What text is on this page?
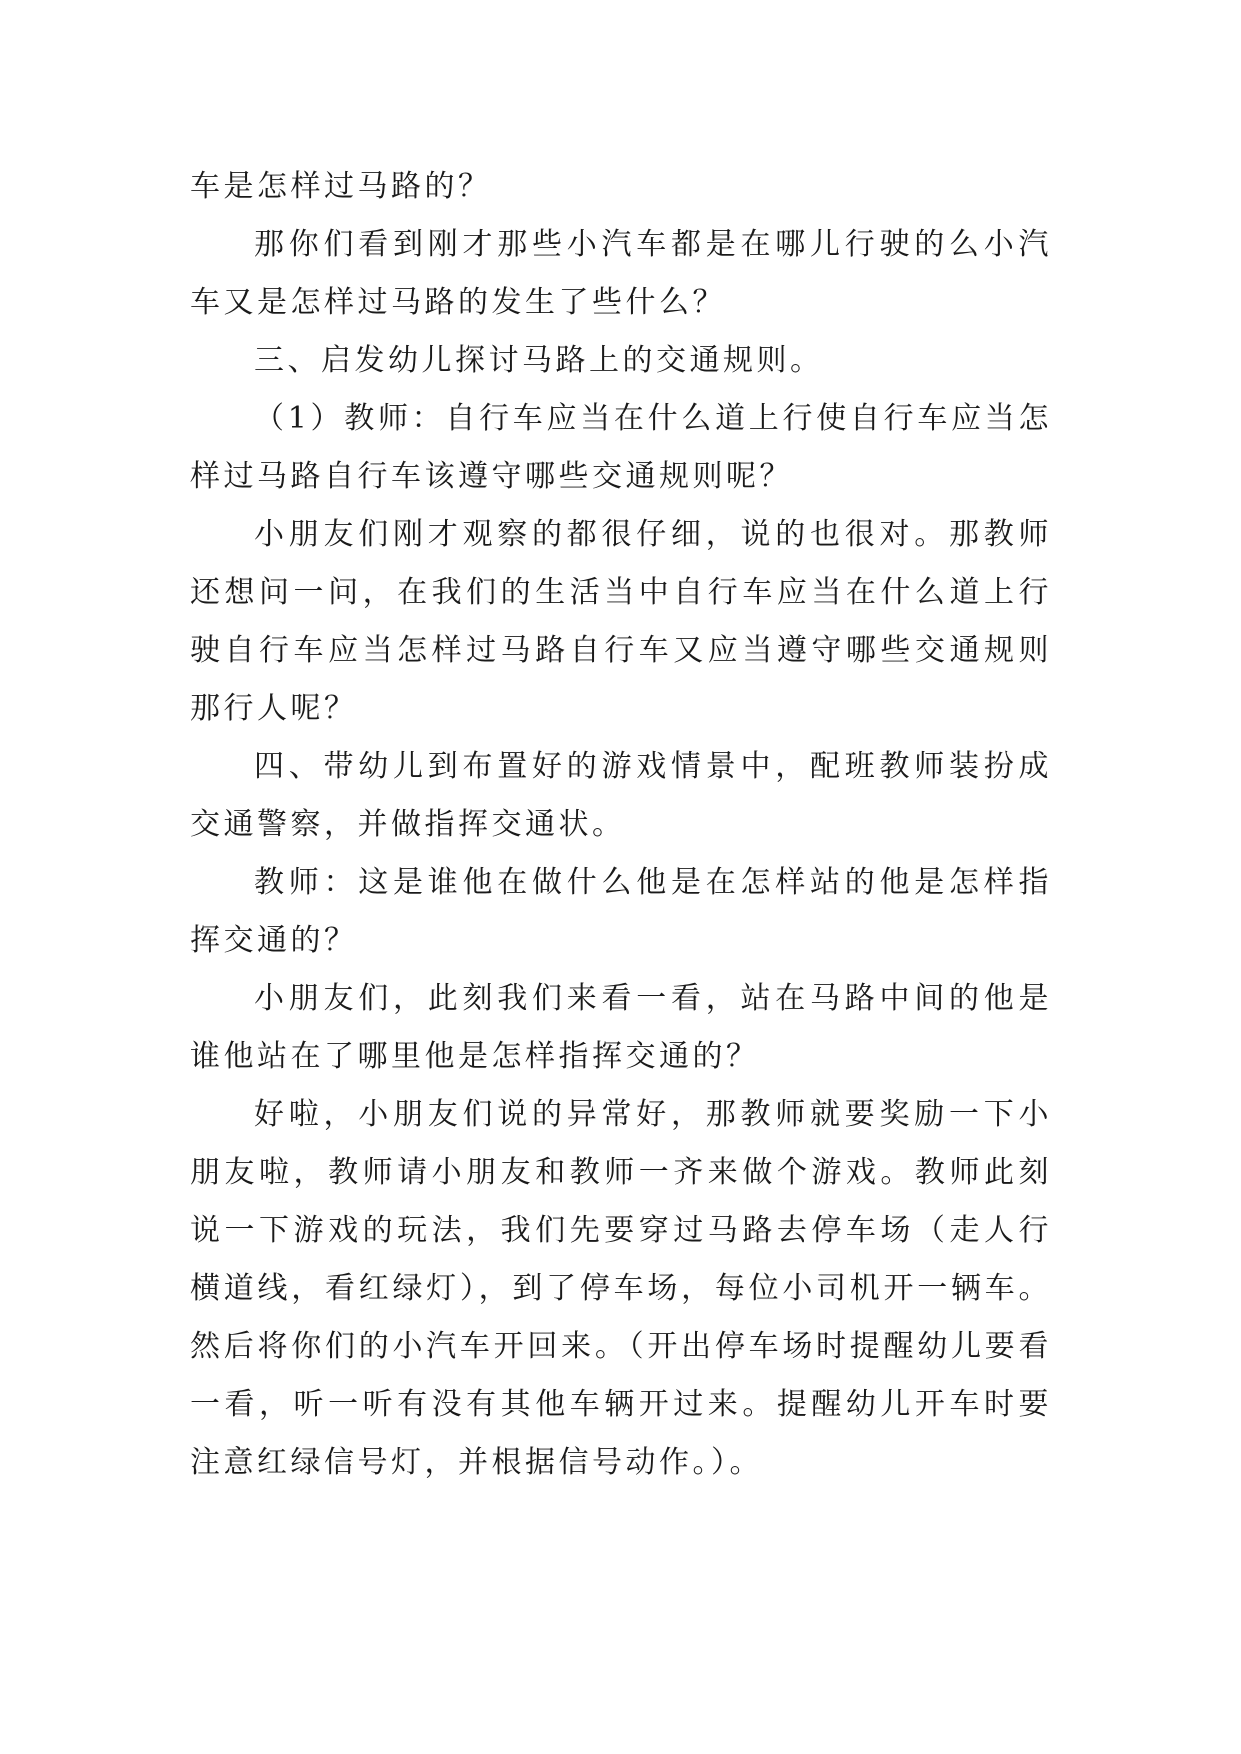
车是怎样过马路的？

那你们看到刚才那些小汽车都是在哪儿行驶的么小汽车又是怎样过马路的发生了些什么？

三、启发幼儿探讨马路上的交通规则。

（1）教师：自行车应当在什么道上行使自行车应当怎样过马路自行车该遵守哪些交通规则呢？

小朋友们刚才观察的都很仔细，说的也很对。那教师还想问一问，在我们的生活当中自行车应当在什么道上行驶自行车应当怎样过马路自行车又应当遵守哪些交通规则那行人呢？

四、带幼儿到布置好的游戏情景中，配班教师装扮成交通警察，并做指挥交通状。

教师：这是谁他在做什么他是在怎样站的他是怎样指挥交通的？

小朋友们，此刻我们来看一看，站在马路中间的他是谁他站在了哪里他是怎样指挥交通的？

好啦，小朋友们说的异常好，那教师就要奖励一下小朋友啦，教师请小朋友和教师一齐来做个游戏。教师此刻说一下游戏的玩法，我们先要穿过马路去停车场（走人行横道线，看红绿灯），到了停车场，每位小司机开一辆车。然后将你们的小汽车开回来。（开出停车场时提醒幼儿要看一看，听一听有没有其他车辆开过来。提醒幼儿开车时要注意红绿信号灯，并根据信号动作。）。
